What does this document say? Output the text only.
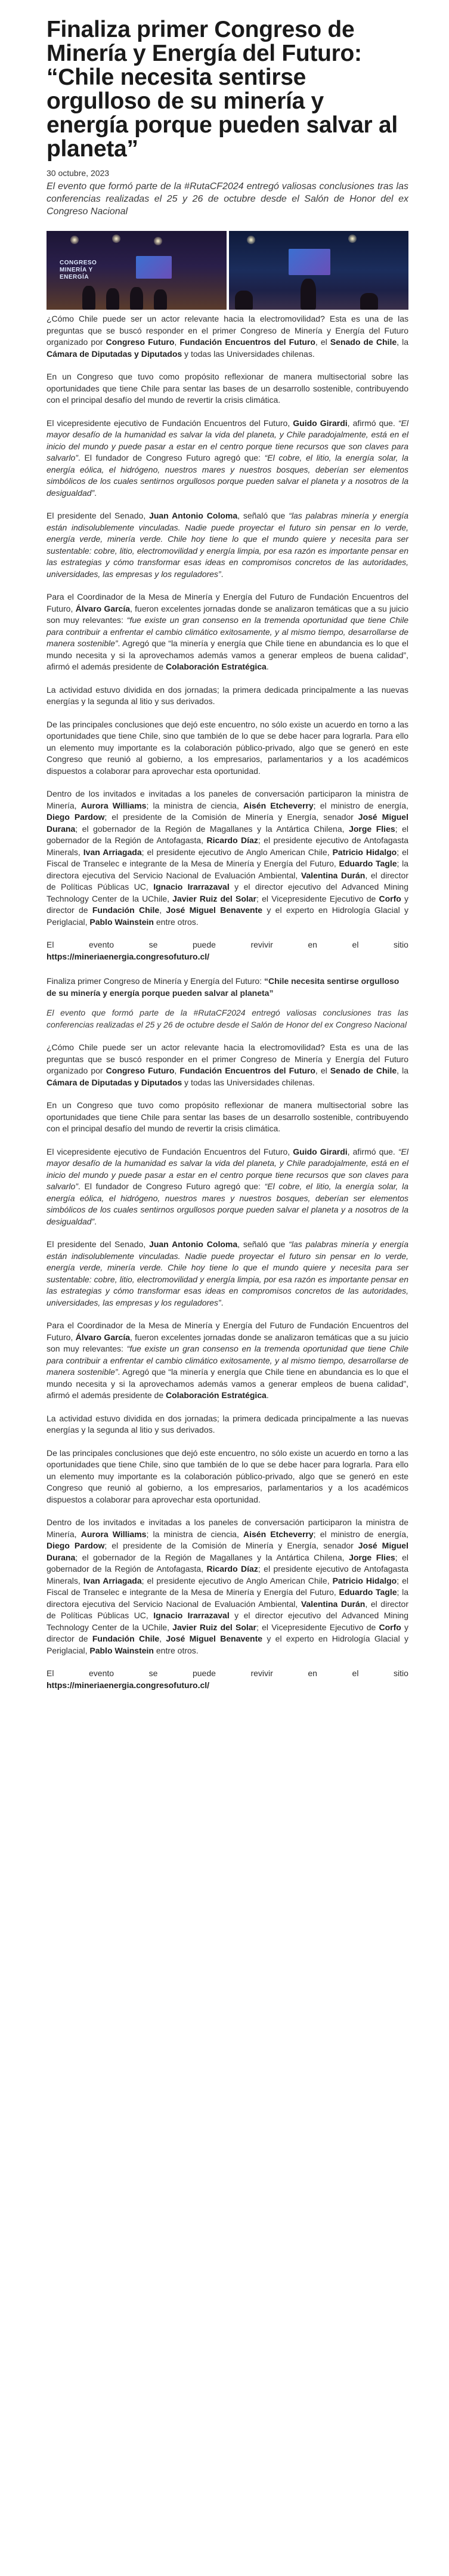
Finaliza primer Congreso de Minería y Energía del Futuro: “Chile necesita sentirse orgulloso de su minería y energía porque pueden salvar al planeta”
30 octubre, 2023
El evento que formó parte de la #RutaCF2024 entregó valiosas conclusiones tras las conferencias realizadas el 25 y 26 de octubre desde el Salón de Honor del ex Congreso Nacional
CONGRESO MINERÍA Y ENERGÍA

¿Cómo Chile puede ser un actor relevante hacia la electromovilidad? Esta es una de las preguntas que se buscó responder en el primer Congreso de Minería y Energía del Futuro organizado por Congreso Futuro, Fundación Encuentros del Futuro, el Senado de Chile, la Cámara de Diputadas y Diputados y todas las Universidades chilenas.

En un Congreso que tuvo como propósito reflexionar de manera multisectorial sobre las oportunidades que tiene Chile para sentar las bases de un desarrollo sostenible, contribuyendo con el principal desafío del mundo de revertir la crisis climática.

El vicepresidente ejecutivo de Fundación Encuentros del Futuro, Guido Girardi, afirmó que. “El mayor desafío de la humanidad es salvar la vida del planeta, y Chile paradojalmente, está en el inicio del mundo y puede pasar a estar en el centro porque tiene recursos que son claves para salvarlo”. El fundador de Congreso Futuro agregó que: “El cobre, el litio, la energía solar, la energía eólica, el hidrógeno, nuestros mares y nuestros bosques, deberían ser elementos simbólicos de los cuales sentirnos orgullosos porque pueden salvar el planeta y a nosotros de la desigualdad”.

El presidente del Senado, Juan Antonio Coloma, señaló que “las palabras minería y energía están indisolublemente vinculadas. Nadie puede proyectar el futuro sin pensar en lo verde, energía verde, minería verde. Chile hoy tiene lo que el mundo quiere y necesita para ser sustentable: cobre, litio, electromovilidad y energía limpia, por esa razón es importante pensar en las estrategias y cómo transformar esas ideas en compromisos concretos de las autoridades, universidades, las empresas y los reguladores”.

Para el Coordinador de la Mesa de Minería y Energía del Futuro de Fundación Encuentros del Futuro, Álvaro García, fueron excelentes jornadas donde se analizaron temáticas que a su juicio son muy relevantes: “fue existe un gran consenso en la tremenda oportunidad que tiene Chile para contribuir a enfrentar el cambio climático exitosamente, y al mismo tiempo, desarrollarse de manera sostenible”. Agregó que “la minería y energía que Chile tiene en abundancia es lo que el mundo necesita y si la aprovechamos además vamos a generar empleos de buena calidad”, afirmó el además presidente de Colaboración Estratégica.

La actividad estuvo dividida en dos jornadas; la primera dedicada principalmente a las nuevas energías y la segunda al litio y sus derivados.

De las principales conclusiones que dejó este encuentro, no sólo existe un acuerdo en torno a las oportunidades que tiene Chile, sino que también de lo que se debe hacer para lograrla. Para ello un elemento muy importante es la colaboración público-privado, algo que se generó en este Congreso que reunió al gobierno, a los empresarios, parlamentarios y a los académicos dispuestos a colaborar para aprovechar esta oportunidad.

Dentro de los invitados e invitadas a los paneles de conversación participaron la ministra de Minería, Aurora Williams; la ministra de ciencia, Aisén Etcheverry; el ministro de energía, Diego Pardow; el presidente de la Comisión de Minería y Energía, senador José Miguel Durana; el gobernador de la Región de Magallanes y la Antártica Chilena, Jorge Flies; el gobernador de la Región de Antofagasta, Ricardo Díaz; el presidente ejecutivo de Antofagasta Minerals, Ivan Arriagada; el presidente ejecutivo de Anglo American Chile, Patricio Hidalgo; el Fiscal de Transelec e integrante de la Mesa de Minería y Energía del Futuro, Eduardo Tagle; la directora ejecutiva del Servicio Nacional de Evaluación Ambiental, Valentina Durán, el director de Políticas Públicas UC, Ignacio Irarrazaval y el director ejecutivo del Advanced Mining Technology Center de la UChile, Javier Ruiz del Solar; el Vicepresidente Ejecutivo de Corfo y director de Fundación Chile, José Miguel Benavente y el experto en Hidrología Glacial y Periglacial, Pablo Wainstein entre otros.

El	evento	se	puede	revivir	en	el	sitio

https://mineriaenergia.congresofuturo.cl/

Finaliza primer Congreso de Minería y Energía del Futuro: “Chile necesita sentirse orgulloso de su minería y energía porque pueden salvar al planeta”
El evento que formó parte de la #RutaCF2024 entregó valiosas conclusiones tras las conferencias realizadas el 25 y 26 de octubre desde el Salón de Honor del ex Congreso Nacional

¿Cómo Chile puede ser un actor relevante hacia la electromovilidad? Esta es una de las preguntas que se buscó responder en el primer Congreso de Minería y Energía del Futuro organizado por Congreso Futuro, Fundación Encuentros del Futuro, el Senado de Chile, la Cámara de Diputadas y Diputados y todas las Universidades chilenas.

En un Congreso que tuvo como propósito reflexionar de manera multisectorial sobre las oportunidades que tiene Chile para sentar las bases de un desarrollo sostenible, contribuyendo con el principal desafío del mundo de revertir la crisis climática.

El vicepresidente ejecutivo de Fundación Encuentros del Futuro, Guido Girardi, afirmó que. “El mayor desafío de la humanidad es salvar la vida del planeta, y Chile paradojalmente, está en el inicio del mundo y puede pasar a estar en el centro porque tiene recursos que son claves para salvarlo”. El fundador de Congreso Futuro agregó que: “El cobre, el litio, la energía solar, la energía eólica, el hidrógeno, nuestros mares y nuestros bosques, deberían ser elementos simbólicos de los cuales sentirnos orgullosos porque pueden salvar el planeta y a nosotros de la desigualdad”.

El presidente del Senado, Juan Antonio Coloma, señaló que “las palabras minería y energía están indisolublemente vinculadas. Nadie puede proyectar el futuro sin pensar en lo verde, energía verde, minería verde. Chile hoy tiene lo que el mundo quiere y necesita para ser sustentable: cobre, litio, electromovilidad y energía limpia, por esa razón es importante pensar en las estrategias y cómo transformar esas ideas en compromisos concretos de las autoridades, universidades, las empresas y los reguladores”.

Para el Coordinador de la Mesa de Minería y Energía del Futuro de Fundación Encuentros del Futuro, Álvaro García, fueron excelentes jornadas donde se analizaron temáticas que a su juicio son muy relevantes: “fue existe un gran consenso en la tremenda oportunidad que tiene Chile para contribuir a enfrentar el cambio climático exitosamente, y al mismo tiempo, desarrollarse de manera sostenible”. Agregó que “la minería y energía que Chile tiene en abundancia es lo que el mundo necesita y si la aprovechamos además vamos a generar empleos de buena calidad”, afirmó el además presidente de Colaboración Estratégica.

La actividad estuvo dividida en dos jornadas; la primera dedicada principalmente a las nuevas energías y la segunda al litio y sus derivados.

De las principales conclusiones que dejó este encuentro, no sólo existe un acuerdo en torno a las oportunidades que tiene Chile, sino que también de lo que se debe hacer para lograrla. Para ello un elemento muy importante es la colaboración público-privado, algo que se generó en este Congreso que reunió al gobierno, a los empresarios, parlamentarios y a los académicos dispuestos a colaborar para aprovechar esta oportunidad.

Dentro de los invitados e invitadas a los paneles de conversación participaron la ministra de Minería, Aurora Williams; la ministra de ciencia, Aisén Etcheverry; el ministro de energía, Diego Pardow; el presidente de la Comisión de Minería y Energía, senador José Miguel Durana; el gobernador de la Región de Magallanes y la Antártica Chilena, Jorge Flies; el gobernador de la Región de Antofagasta, Ricardo Díaz; el presidente ejecutivo de Antofagasta Minerals, Ivan Arriagada; el presidente ejecutivo de Anglo American Chile, Patricio Hidalgo; el Fiscal de Transelec e integrante de la Mesa de Minería y Energía del Futuro, Eduardo Tagle; la directora ejecutiva del Servicio Nacional de Evaluación Ambiental, Valentina Durán, el director de Políticas Públicas UC, Ignacio Irarrazaval y el director ejecutivo del Advanced Mining Technology Center de la UChile, Javier Ruiz del Solar; el Vicepresidente Ejecutivo de Corfo y director de Fundación Chile, José Miguel Benavente y el experto en Hidrología Glacial y Periglacial, Pablo Wainstein entre otros.

El	evento	se	puede	revivir	en	el	sitio

https://mineriaenergia.congresofuturo.cl/
